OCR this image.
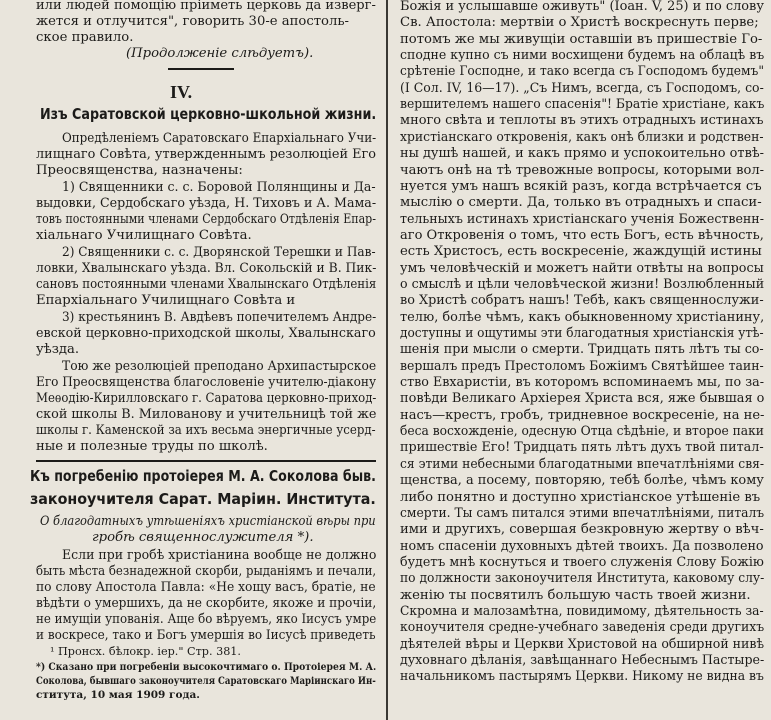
или людей помощію пріиметь церковь да изверг-
жется и отлучится", говорить 30-е апостоль-
ское правило.
(Продолженіе слѣдуетъ).
IV.
Изъ Саратовской церковно-школьной жизни.
Опредѣленіемъ Саратовскаго Епархіальнаго Учи-
лищнаго Совѣта, утвержденнымъ резолюціей Его
Преосвященства, назначены:
1) Священники с. с. Боровой Полянщины и Да-
выдовки, Сердобскаго уѣзда, Н. Тиховъ и А. Мама-
товъ постоянными членами Сердобскаго Отдѣленія Епар-
хіальнаго Училищнаго Совѣта.
2) Священники с. с. Дворянской Терешки и Пав-
ловки, Хвалынскаго уѣзда. Вл. Сокольскій и В. Пик-
сановъ постоянными членами Хвалынскаго Отдѣленія
Епархіальнаго Училищнаго Совѣта и
3) крестьянинъ В. Авдѣевъ попечителемъ Андре-
евской церковно-приходской школы, Хвалынскаго
уѣзда.
Тою же резолюціей преподано Архипастырское
Его Преосвященства благословеніе учителю-діакону
Меѳодію-Кирилловскаго г. Саратова церковно-приход-
ской школы В. Милованову и учительницѣ той же
школы г. Каменской за ихъ весьма энергичные усерд-
ные и полезные труды по школѣ.
Къ погребенію протоіерея М. А. Соколова быв.
законоучителя Сарат. Маріин. Института.
О благодатныхъ утѣшеніяхъ христіанской вѣры при
гробѣ священнослужителя *).
Если при гробѣ христіанина вообще не должно
быть мѣста безнадежной скорби, рыданіямъ и печали,
по слову Апостола Павла: «Не хощу васъ, братіе, не
вѣдѣти о умершихъ, да не скорбите, якоже и прочіи,
не имущіи упованія. Аще бо вѣруемъ, яко Іисусъ умре
и воскресе, тако и Богъ умершія во Іисусѣ приведеть
¹ Пронсх. бѣлокр. іер." Стр. 381.
*) Сказано при погребеніи высокочтимаго о. Протоіерея М. А.
Соколова, бывшаго законоучителя Саратовскаго Маріинскаго Ин-
ститута, 10 мая 1909 года.
Божія и услышавше оживуть" (Іоан. V, 25) и по слову
Св. Апостола: мертвіи о Христѣ воскреснуть перве;
потомъ же мы живущіи оставшіи въ пришествіе Го-
сподне купно съ ними восхищени будемъ на облацѣ въ
срѣтеніе Господне, и тако всегда съ Господомъ будемъ"
(І Сол. IV, 16—17). „Съ Нимъ, всегда, съ Господомъ, со-
вершителемъ нашего спасенія"! Братіе христіане, какъ
много свѣта и теплоты въ этихъ отрадныхъ истинахъ
христіанскаго откровенія, какъ онѣ близки и родствен-
ны душѣ нашей, и какъ прямо и успокоительно отвѣ-
чаютъ онѣ на тѣ тревожные вопросы, которыми вол-
нуется умъ нашъ всякій разъ, когда встрѣчается съ
мыслію о смерти. Да, только въ отрадныхъ и спаси-
тельныхъ истинахъ христіанскаго ученія Божественн-
аго Откровенія о томъ, что есть Богъ, есть вѣчность,
есть Христосъ, есть воскресеніе, жаждущій истины
умъ человѣческій и можетъ найти отвѣты на вопросы
о смыслѣ и цѣли человѣческой жизни! Возлюбленный
во Христѣ собратъ нашъ! Тебѣ, какъ священнослужи-
телю, болѣе чѣмъ, какъ обыкновенному христіанину,
доступны и ощутимы эти благодатныя христіанскія утѣ-
шенія при мысли о смерти. Тридцать пять лѣтъ ты со-
вершалъ предъ Престоломъ Божіимъ Святѣйшее таин-
ство Евхаристіи, въ которомъ вспоминаемъ мы, по за-
повѣди Великаго Архіерея Христа вся, яже бывшая о
насъ—крестъ, гробъ, тридневное воскресеніе, на не-
беса восхожденіе, одесную Отца сѣдѣніе, и второе паки
пришествіе Его! Тридцать пять лѣтъ духъ твой питал-
ся этими небесными благодатными впечатлѣніями свя-
щенства, а посему, повторяю, тебѣ болѣе, чѣмъ кому
либо понятно и доступно христіанское утѣшеніе въ
смерти. Ты самъ питался этими впечатлѣніями, питалъ
ими и другихъ, совершая безкровную жертву о вѣч-
номъ спасеніи духовныхъ дѣтей твоихъ. Да позволено
будетъ мнѣ коснуться и твоего служенія Слову Божію
по должности законоучителя Института, каковому слу-
женію ты посвятилъ большую часть твоей жизни.
Скромна и малозамѣтна, повидимому, дѣятельность за-
коноучителя средне-учебнаго заведенія среди другихъ
дѣятелей вѣры и Церкви Христовой на обширной нивѣ
духовнаго дѣланія, завѣщаннаго Небеснымъ Пастыре-
начальникомъ пастырямъ Церкви. Никому не видна въ
